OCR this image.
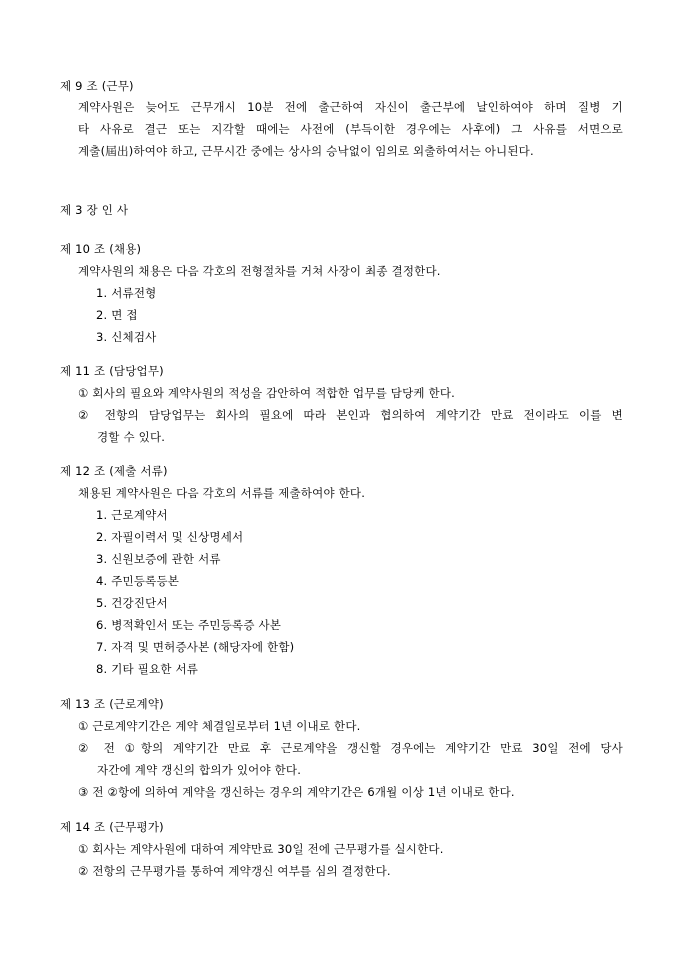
제 9 조 (근무)
계약사원은 늦어도 근무개시 10분 전에 출근하여 자신이 출근부에 날인하여야 하며 질병 기
타 사유로 결근 또는 지각할 때에는 사전에 (부득이한 경우에는 사후에) 그 사유를 서면으로
계출(屆出)하여야 하고, 근무시간 중에는 상사의 승낙없이 임의로 외출하여서는 아니된다.
제 3 장 인 사
제 10 조 (채용)
계약사원의 채용은 다음 각호의 전형절차를 거쳐 사장이 최종 결정한다.
1. 서류전형
2. 면 접
3. 신체검사
제 11 조 (담당업무)
① 회사의 필요와 계약사원의 적성을 감안하여 적합한 업무를 담당케 한다.
② 전항의 담당업무는 회사의 필요에 따라 본인과 협의하여 계약기간 만료 전이라도 이를 변
경할 수 있다.
제 12 조 (제출 서류)
채용된 계약사원은 다음 각호의 서류를 제출하여야 한다.
1. 근로계약서
2. 자필이력서 및 신상명세서
3. 신원보증에 관한 서류
4. 주민등록등본
5. 건강진단서
6. 병적확인서 또는 주민등록증 사본
7. 자격 및 면허증사본 (해당자에 한함)
8. 기타 필요한 서류
제 13 조 (근로계약)
① 근로계약기간은 계약 체결일로부터 1년 이내로 한다.
② 전 ①항의 계약기간 만료 후 근로계약을 갱신할 경우에는 계약기간 만료 30일 전에 당사
자간에 계약 갱신의 합의가 있어야 한다.
③ 전 ②항에 의하여 계약을 갱신하는 경우의 계약기간은 6개월 이상 1년 이내로 한다.
제 14 조 (근무평가)
① 회사는 계약사원에 대하여 계약만료 30일 전에 근무평가를 실시한다.
② 전항의 근무평가를 통하여 계약갱신 여부를 심의 결정한다.
